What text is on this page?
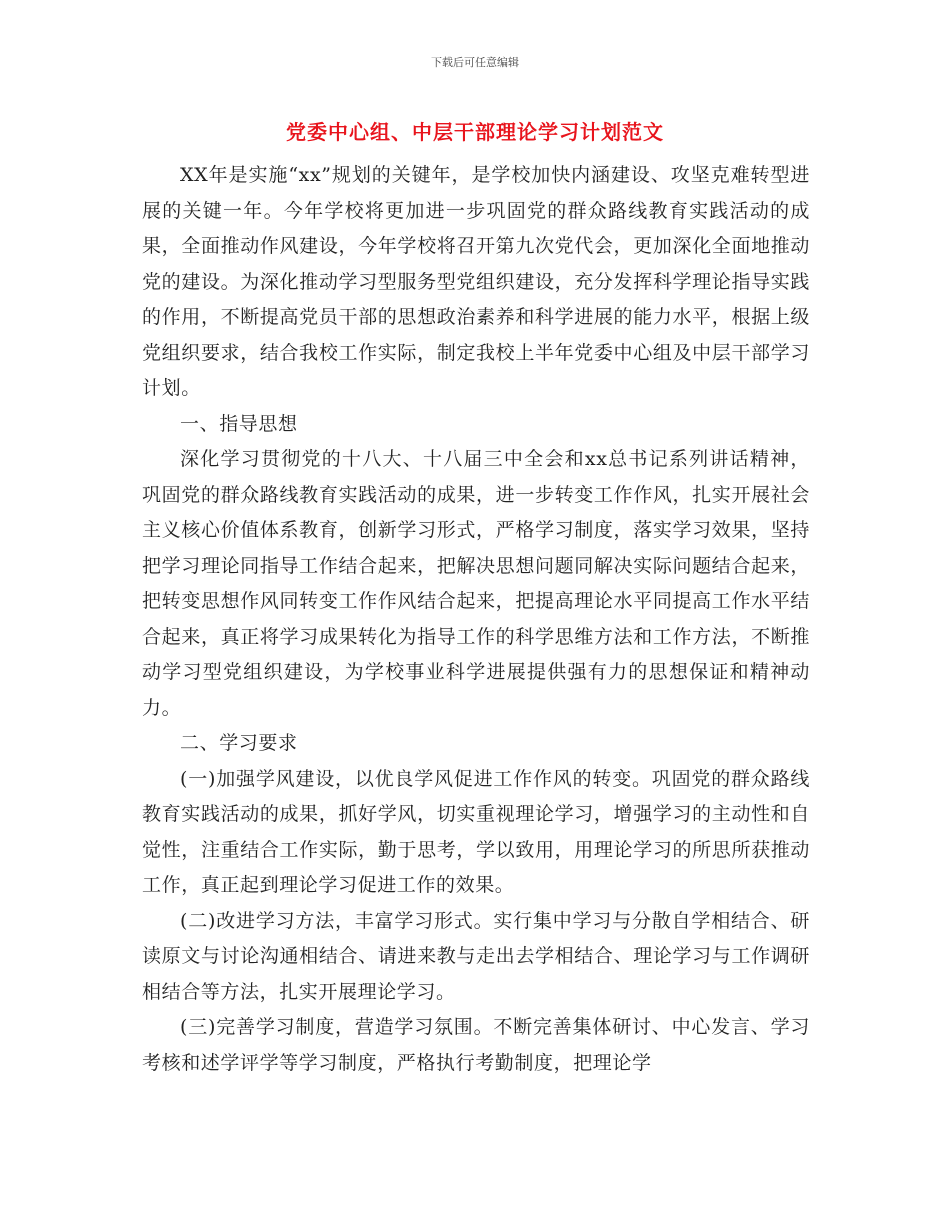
下载后可任意编辑
党委中心组、中层干部理论学习计划范文

XX年是实施“xx”规划的关键年，是学校加快内涵建设、攻坚克难转型进展的关键一年。今年学校将更加进一步巩固党的群众路线教育实践活动的成果，全面推动作风建设，今年学校将召开第九次党代会，更加深化全面地推动党的建设。为深化推动学习型服务型党组织建设，充分发挥科学理论指导实践的作用，不断提高党员干部的思想政治素养和科学进展的能力水平，根据上级党组织要求，结合我校工作实际，制定我校上半年党委中心组及中层干部学习计划。

一、指导思想

深化学习贯彻党的十八大、十八届三中全会和xx总书记系列讲话精神，巩固党的群众路线教育实践活动的成果，进一步转变工作作风，扎实开展社会主义核心价值体系教育，创新学习形式，严格学习制度，落实学习效果，坚持把学习理论同指导工作结合起来，把解决思想问题同解决实际问题结合起来，把转变思想作风同转变工作作风结合起来，把提高理论水平同提高工作水平结合起来，真正将学习成果转化为指导工作的科学思维方法和工作方法，不断推动学习型党组织建设，为学校事业科学进展提供强有力的思想保证和精神动力。

二、学习要求

(一)加强学风建设，以优良学风促进工作作风的转变。巩固党的群众路线教育实践活动的成果，抓好学风，切实重视理论学习，增强学习的主动性和自觉性，注重结合工作实际，勤于思考，学以致用，用理论学习的所思所获推动工作，真正起到理论学习促进工作的效果。

(二)改进学习方法，丰富学习形式。实行集中学习与分散自学相结合、研读原文与讨论沟通相结合、请进来教与走出去学相结合、理论学习与工作调研相结合等方法，扎实开展理论学习。

(三)完善学习制度，营造学习氛围。不断完善集体研讨、中心发言、学习考核和述学评学等学习制度，严格执行考勤制度，把理论学
